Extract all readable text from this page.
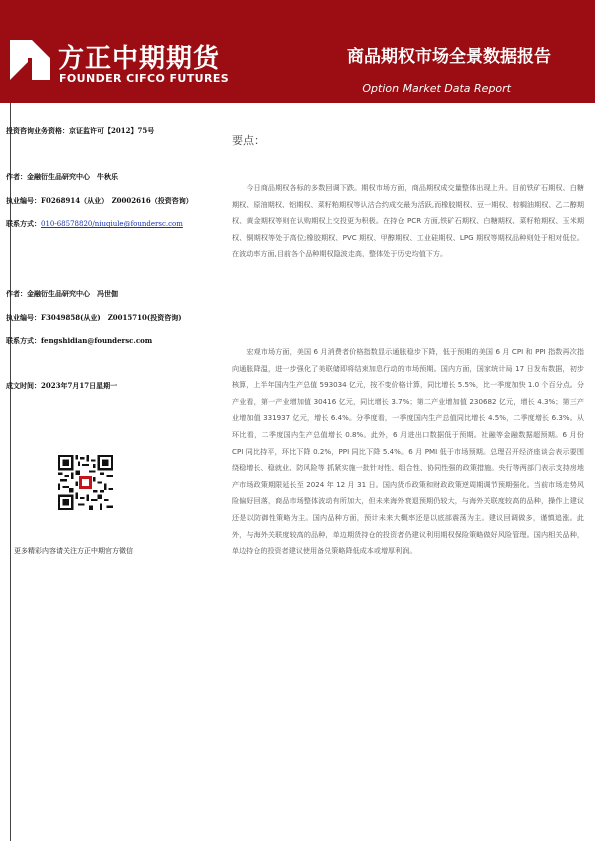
方正中期期货
FOUNDER CIFCO FUTURES
商品期权市场全景数据报告
Option Market Data Report
投资咨询业务资格：京证监许可【2012】75号
作者：金融衍生品研究中心　牛秋乐
执业编号：F0268914（从业）　Z0002616（投资咨询）
联系方式：010-68578820/niuqiule@foundersc.com
作者：金融衍生品研究中心　冯世伽
执业编号：F3049858(从业)　Z0015710(投资咨询)
联系方式：fengshidian@foundersc.com
成文时间：2023年7月17日星期一
更多精彩内容请关注方正中期官方微信
要点：

　　今日商品期权各标的多数回调下跌。期权市场方面，商品期权成交量整体出现上升。目前铁矿石期权、白糖期权、原油期权、铝期权、菜籽粕期权等认沽合约成交最为活跃,而橡胶期权、豆一期权、棕榈油期权、乙二醇期权、黄金期权等则在认购期权上交投更为积极。在持仓 PCR 方面,铁矿石期权、白糖期权、菜籽粕期权、玉米期权、铜期权等处于高位;橡胶期权、PVC 期权、甲醇期权、工业硅期权、LPG 期权等期权品种则处于相对低位。在波动率方面,目前各个品种期权隐波走高，整体处于历史均值下方。

　　宏观市场方面，美国 6 月消费者价格指数显示通胀稳步下降，低于预期的美国 6 月 CPI 和 PPI 指数再次指向通胀降温，进一步强化了美联储即将结束加息行动的市场预期。国内方面，国家统计局 17 日发布数据，初步核算，上半年国内生产总值 593034 亿元，按不变价格计算，同比增长 5.5%，比一季度加快 1.0 个百分点。分产业看，第一产业增加值 30416 亿元，同比增长 3.7%；第二产业增加值 230682 亿元，增长 4.3%；第三产业增加值 331937 亿元，增长 6.4%。分季度看，一季度国内生产总值同比增长 4.5%，二季度增长 6.3%。从环比看，二季度国内生产总值增长 0.8%。此外，6 月进出口数据低于预期。社融等金融数据超预期。6 月份 CPI 同比持平，环比下降 0.2%，PPI 同比下降 5.4%。6 月 PMI 低于市场预期。总理召开经济座谈会表示要围绕稳增长、稳就业、防风险等 抓紧实施一批针对性、组合性、协同性强的政策措施。央行等两部门表示支持房地产市场政策期限延长至 2024 年 12 月 31 日。国内货币政策和财政政策逆周期调节预期强化。当前市场走势风险偏好回落，商品市场整体波动有所加大，但未来海外衰退预期仍较大，与海外关联度较高的品种，操作上建议还是以防御性策略为主。国内品种方面，预计未来大概率还是以底部震荡为主。建议回调做多，谨慎追涨。此外，与海外关联度较高的品种，单边期货持仓的投资者仍建议利用期权保险策略做好风险管理。国内相关品种，单边持仓的投资者建议使用备兑策略降低成本或增厚利润。
